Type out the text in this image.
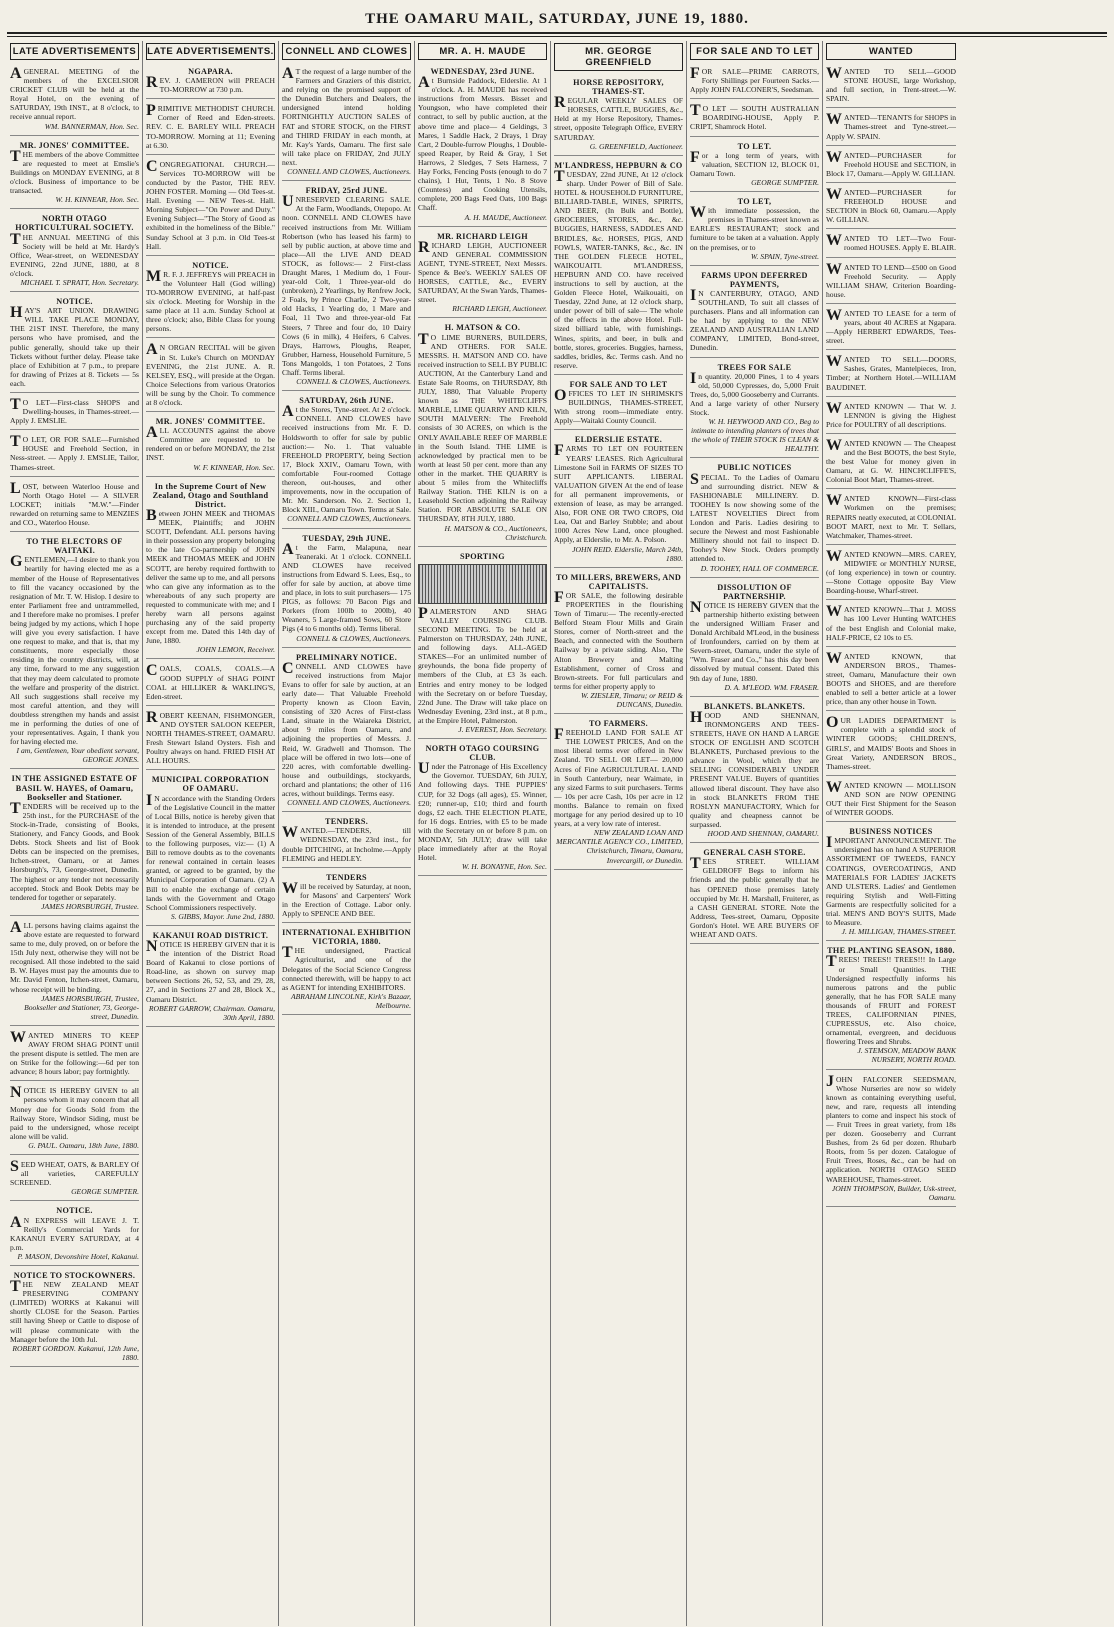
THE OAMARU MAIL, SATURDAY, JUNE 19, 1880.
LATE ADVERTISEMENTS
AGENERAL MEETING of the members of the EXCELSIOR CRICKET CLUB will be held at the Royal Hotel, on the evening of SATURDAY, 19th INST., at 8 o'clock, to receive annual report.
WM. BANNERMAN, Hon. Sec.
MR. JONES' COMMITTEE.
THE members of the above Committee are requested to meet at Emslie's Buildings on MONDAY EVENING, at 8 o'clock. Business of importance to be transacted.
W. H. KINNEAR, Hon. Sec.
NORTH OTAGO HORTICULTURAL SOCIETY.
THE ANNUAL MEETING of this Society will be held at Mr. Hardy's Office, Wear-street, on WEDNESDAY EVENING, 22nd JUNE, 1880, at 8 o'clock.
MICHAEL T. SPRATT, Hon. Secretary.
NOTICE.
HAY'S ART UNION. DRAWING WILL TAKE PLACE MONDAY, THE 21ST INST. Therefore, the many persons who have promised, and the public generally, should take up their Tickets without further delay. Please take place of Exhibition at 7 p.m., to prepare for drawing of Prizes at 8. Tickets — 5s each.
TO LET—First-class SHOPS and Dwelling-houses, in Thames-street.—Apply J. EMSLIE.
TO LET, OR FOR SALE—Furnished HOUSE and Freehold Section, in Ness-street. — Apply J. EMSLIE, Tailor, Thames-street.
LOST, between Waterloo House and North Otago Hotel — A SILVER LOCKET; initials "M.W."—Finder rewarded on returning same to MENZIES and CO., Waterloo House.
TO THE ELECTORS OF WAITAKI.
GENTLEMEN,—I desire to thank you heartily for having elected me as a member of the House of Representatives to fill the vacancy occasioned by the resignation of Mr. T. W. Hislop. I desire to enter Parliament free and untrammelled, and I therefore make no promises. I prefer being judged by my actions, which I hope will give you every satisfaction. I have one request to make, and that is, that my constituents, more especially those residing in the country districts, will, at any time, forward to me any suggestion that they may deem calculated to promote the welfare and prosperity of the district. All such suggestions shall receive my most careful attention, and they will doubtless strengthen my hands and assist me in performing the duties of one of your representatives. Again, I thank you for having elected me.
I am, Gentlemen, Your obedient servant, GEORGE JONES.
IN THE ASSIGNED ESTATE OF BASIL W. HAYES, of Oamaru, Bookseller and Stationer.
TENDERS will be received up to the 25th inst., for the PURCHASE of the Stock-in-Trade, consisting of Books, Stationery, and Fancy Goods, and Book Debts. Stock Sheets and list of Book Debts can be inspected on the premises, Itchen-street, Oamaru, or at James Horsburgh's, 73, George-street, Dunedin. The highest or any tender not necessarily accepted. Stock and Book Debts may be tendered for together or separately.
JAMES HORSBURGH, Trustee.
ALL persons having claims against the above estate are requested to forward same to me, duly proved, on or before the 15th July next, otherwise they will not be recognised. All those indebted to the said B. W. Hayes must pay the amounts due to Mr. David Fenton, Itchen-street, Oamaru, whose receipt will be binding.
JAMES HORSBURGH, Trustee, Bookseller and Stationer, 73, George-street, Dunedin.
WANTED MINERS TO KEEP AWAY FROM SHAG POINT until the present dispute is settled. The men are on Strike for the following:—6d per ton advance; 8 hours labor; pay fortnightly.
NOTICE IS HEREBY GIVEN to all persons whom it may concern that all Money due for Goods Sold from the Railway Store, Windsor Siding, must be paid to the undersigned, whose receipt alone will be valid.
G. PAUL. Oamaru, 18th June, 1880.
SEED WHEAT, OATS, & BARLEY Of all varieties, CAREFULLY SCREENED.
GEORGE SUMPTER.
NOTICE.
AN EXPRESS will LEAVE J. T. Reilly's Commercial Yards for KAKANUI EVERY SATURDAY, at 4 p.m.
P. MASON, Devonshire Hotel, Kakanui.
NOTICE TO STOCKOWNERS.
THE NEW ZEALAND MEAT PRESERVING COMPANY (LIMITED) WORKS at Kakanui will shortly CLOSE for the Season. Parties still having Sheep or Cattle to dispose of will please communicate with the Manager before the 10th Jul.
ROBERT GORDON. Kakanui, 12th June, 1880.
LATE ADVERTISEMENTS.
NGAPARA.
REV. J. CAMERON will PREACH TO-MORROW at 730 p.m.
PRIMITIVE METHODIST CHURCH. Corner of Reed and Eden-streets. REV. C. E. BARLEY WILL PREACH TO-MORROW. Morning at 11; Evening at 6.30.
CONGREGATIONAL CHURCH.—Services TO-MORROW will be conducted by the Pastor, THE REV. JOHN FOSTER. Morning — Old Tees-st. Hall. Evening — NEW Tees-st. Hall. Morning Subject—"On Power and Duty." Evening Subject—"The Story of Good as exhibited in the homeliness of the Bible." Sunday School at 3 p.m. in Old Tees-st Hall.
NOTICE.
MR. F. J. JEFFREYS will PREACH in the Volunteer Hall (God willing) TO-MORROW EVENING, at half-past six o'clock. Meeting for Worship in the same place at 11 a.m. Sunday School at three o'clock; also, Bible Class for young persons.
AN ORGAN RECITAL will be given in St. Luke's Church on MONDAY EVENING, the 21st JUNE. A. R. KELSEY, ESQ., will preside at the Organ. Choice Selections from various Oratorios will be sung by the Choir. To commence at 8 o'clock.
MR. JONES' COMMITTEE.
ALL ACCOUNTS against the above Committee are requested to be rendered on or before MONDAY, the 21st INST.
W. F. KINNEAR, Hon. Sec.
In the Supreme Court of New Zealand, Otago and Southland District.
Between JOHN MEEK and THOMAS MEEK, Plaintiffs; and JOHN SCOTT, Defendant. ALL persons having in their possession any property belonging to the late Co-partnership of JOHN MEEK and THOMAS MEEK and JOHN SCOTT, are hereby required forthwith to deliver the same up to me, and all persons who can give any information as to the whereabouts of any such property are requested to communicate with me; and I hereby warn all persons against purchasing any of the said property except from me. Dated this 14th day of June, 1880.
JOHN LEMON, Receiver.
COALS, COALS, COALS.—A GOOD SUPPLY of SHAG POINT COAL at HILLIKER & WAKLING'S, Eden-street.
ROBERT KEENAN, FISHMONGER, AND OYSTER SALOON KEEPER, NORTH THAMES-STREET, OAMARU. Fresh Stewart Island Oysters. Fish and Poultry always on hand. FRIED FISH AT ALL HOURS.
MUNICIPAL CORPORATION OF OAMARU.
IN accordance with the Standing Orders of the Legislative Council in the matter of Local Bills, notice is hereby given that it is intended to introduce, at the present Session of the General Assembly, BILLS to the following purposes, viz:— (1) A Bill to remove doubts as to the covenants for renewal contained in certain leases granted, or agreed to be granted, by the Municipal Corporation of Oamaru. (2) A Bill to enable the exchange of certain lands with the Government and Otago School Commissioners respectively.
S. GIBBS, Mayor. June 2nd, 1880.
KAKANUI ROAD DISTRICT.
NOTICE IS HEREBY GIVEN that it is the intention of the District Road Board of Kakanui to close portions of Road-line, as shown on survey map between Sections 26, 52, 53, and 29, 28, 27, and in Sections 27 and 28, Block X., Oamaru District.
ROBERT GARROW, Chairman. Oamaru, 30th April, 1880.
CONNELL AND CLOWES
AT the request of a large number of the Farmers and Graziers of this district, and relying on the promised support of the Dunedin Butchers and Dealers, the undersigned intend holding FORTNIGHTLY AUCTION SALES of FAT and STORE STOCK, on the FIRST and THIRD FRIDAY in each month, at Mr. Kay's Yards, Oamaru. The first sale will take place on FRIDAY, 2nd JULY next.
CONNELL AND CLOWES, Auctioneers.
FRIDAY, 25rd JUNE.
UNRESERVED CLEARING SALE. At the Farm, Woodlands, Otepopo. At noon. CONNELL AND CLOWES have received instructions from Mr. William Robertson (who has leased his farm) to sell by public auction, at above time and place—All the LIVE AND DEAD STOCK, as follows:— 2 First-class Draught Mares, 1 Medium do, 1 Four-year-old Colt, 1 Three-year-old do (unbroken), 2 Yearlings, by Renfrew Jock, 2 Foals, by Prince Charlie, 2 Two-year-old Hacks, 1 Yearling do, 1 Mare and Foal, 11 Two and three-year-old Fat Steers, 7 Three and four do, 10 Dairy Cows (6 in milk), 4 Heifers, 6 Calves. Drays, Harrows, Ploughs, Reaper, Grubber, Harness, Household Furniture, 5 Tons Mangolds, 1 ton Potatoes, 2 Tons Chaff. Terms liberal.
CONNELL & CLOWES, Auctioneers.
SATURDAY, 26th JUNE.
At the Stores, Tyne-street. At 2 o'clock. CONNELL AND CLOWES have received instructions from Mr. F. D. Holdsworth to offer for sale by public auction:— No. 1. That valuable FREEHOLD PROPERTY, being Section 17, Block XXIV., Oamaru Town, with comfortable Four-roomed Cottage thereon, out-houses, and other improvements, now in the occupation of Mr. Mr. Sanderson. No. 2. Section 1, Block XIII., Oamaru Town. Terms at Sale.
CONNELL AND CLOWES, Auctioneers.
TUESDAY, 29th JUNE.
At the Farm, Malapuna, near Teaneraki. At 1 o'clock. CONNELL AND CLOWES have received instructions from Edward S. Lees, Esq., to offer for sale by auction, at above time and place, in lots to suit purchasers— 175 PIGS, as follows: 70 Bacon Pigs and Porkers (from 100lb to 200lb), 40 Weaners, 5 Large-framed Sows, 60 Store Pigs (4 to 6 months old). Terms liberal.
CONNELL & CLOWES, Auctioneers.
PRELIMINARY NOTICE.
CONNELL AND CLOWES have received instructions from Major Evans to offer for sale by auction, at an early date— That Valuable Freehold Property known as Cloon Eavin, consisting of 320 Acres of First-class Land, situate in the Waiareka District, about 9 miles from Oamaru, and adjoining the properties of Messrs. J. Reid, W. Gradwell and Thomson. The place will be offered in two lots—one of 220 acres, with comfortable dwelling-house and outbuildings, stockyards, orchard and plantations; the other of 116 acres, without buildings. Terms easy.
CONNELL AND CLOWES, Auctioneers.
TENDERS.
WANTED.—TENDERS, till WEDNESDAY, the 23rd inst., for double DITCHING, at Incholme.—Apply FLEMING and HEDLEY.
TENDERS
Will be received by Saturday, at noon, for Masons' and Carpenters' Work in the Erection of Cottage. Labor only. Apply to SPENCE AND BEE.
INTERNATIONAL EXHIBITION VICTORIA, 1880.
THE undersigned, Practical Agriculturist, and one of the Delegates of the Social Science Congress connected therewith, will be happy to act as AGENT for intending EXHIBITORS.
ABRAHAM LINCOLNE, Kirk's Bazaar, Melbourne.
MR. A. H. MAUDE
WEDNESDAY, 23rd JUNE.
At Burnside Paddock, Elderslie. At 1 o'clock. A. H. MAUDE has received instructions from Messrs. Bisset and Youngson, who have completed their contract, to sell by public auction, at the above time and place— 4 Geldings, 3 Mares, 1 Saddle Hack, 2 Drays, 1 Dray Cart, 2 Double-furrow Ploughs, 1 Double-speed Reaper, by Reid & Gray, 1 Set Harrows, 2 Sledges, 7 Sets Harness, 7 Hay Forks, Fencing Posts (enough to do 7 chains), 1 Hut, Tents, 1 No. 8 Stove (Countess) and Cooking Utensils, complete, 200 Bags Feed Oats, 100 Bags Chaff.
A. H. MAUDE, Auctioneer.
MR. RICHARD LEIGH
RICHARD LEIGH, AUCTIONEER AND GENERAL COMMISSION AGENT, TYNE-STREET, Next Messrs. Spence & Bee's. WEEKLY SALES OF HORSES, CATTLE, &c., EVERY SATURDAY, At the Swan Yards, Thames-street.
RICHARD LEIGH, Auctioneer.
H. MATSON & CO.
TO LIME BURNERS, BUILDERS, AND OTHERS. FOR SALE. MESSRS. H. MATSON AND CO. have received instruction to SELL BY PUBLIC AUCTION, At the Canterbury Land and Estate Sale Rooms, on THURSDAY, 8th JULY, 1880, That Valuable Property known as THE WHITECLIFFS MARBLE, LIME QUARRY AND KILN, SOUTH MALVERN: The Freehold consists of 30 ACRES, on which is the ONLY AVAILABLE REEF OF MARBLE in the South Island. THE LIME is acknowledged by practical men to be worth at least 50 per cent. more than any other in the market. THE QUARRY is about 5 miles from the Whitecliffs Railway Station. THE KILN is on a Leasehold Section adjoining the Railway Station. FOR ABSOLUTE SALE ON THURSDAY, 8TH JULY, 1880.
H. MATSON & CO., Auctioneers, Christchurch.
SPORTING
PALMERSTON AND SHAG VALLEY COURSING CLUB. SECOND MEETING. To be held at Palmerston on THURSDAY, 24th JUNE, and following days. ALL-AGED STAKES—For an unlimited number of greyhounds, the bona fide property of members of the Club, at £3 3s each. Entries and entry money to be lodged with the Secretary on or before Tuesday, 22nd June. The Draw will take place on Wednesday Evening, 23rd inst., at 8 p.m., at the Empire Hotel, Palmerston.
J. EVEREST, Hon. Secretary.
NORTH OTAGO COURSING CLUB.
Under the Patronage of His Excellency the Governor. TUESDAY, 6th JULY, And following days. THE PUPPIES' CUP, for 32 Dogs (all ages), £5. Winner, £20; runner-up, £10; third and fourth dogs, £2 each. THE ELECTION PLATE, for 16 dogs. Entries, with £5 to be made with the Secretary on or before 8 p.m. on MONDAY, 5th JULY; draw will take place immediately after at the Royal Hotel.
W. H. BONAYNE, Hon. Sec.
MR. GEORGE GREENFIELD
HORSE REPOSITORY, THAMES-ST.
REGULAR WEEKLY SALES OF HORSES, CATTLE, BUGGIES, &c., Held at my Horse Repository, Thames-street, opposite Telegraph Office, EVERY SATURDAY.
G. GREENFIELD, Auctioneer.
M'LANDRESS, HEPBURN & CO
TUESDAY, 22nd JUNE, At 12 o'clock sharp. Under Power of Bill of Sale. HOTEL & HOUSEHOLD FURNITURE, BILLIARD-TABLE, WINES, SPIRITS, AND BEER, (In Bulk and Bottle), GROCERIES, STORES, &c., &c. BUGGIES, HARNESS, SADDLES AND BRIDLES, &c. HORSES, PIGS, AND FOWLS, WATER-TANKS, &c., &c. IN THE GOLDEN FLEECE HOTEL, WAIKOUAITI. M'LANDRESS, HEPBURN AND CO. have received instructions to sell by auction, at the Golden Fleece Hotel, Waikouaiti, on Tuesday, 22nd June, at 12 o'clock sharp, under power of bill of sale— The whole of the effects in the above Hotel. Full-sized billiard table, with furnishings. Wines, spirits, and beer, in bulk and bottle, stores, groceries. Buggies, harness, saddles, bridles, &c. Terms cash. And no reserve.
FOR SALE AND TO LET
OFFICES TO LET IN SHRIMSKI'S BUILDINGS, THAMES-STREET, With strong room—immediate entry. Apply—Waitaki County Council.
ELDERSLIE ESTATE.
FARMS TO LET ON FOURTEEN YEARS' LEASES. Rich Agricultural Limestone Soil in FARMS OF SIZES TO SUIT APPLICANTS. LIBERAL VALUATION GIVEN At the end of lease for all permanent improvements, or extension of lease, as may be arranged. Also, FOR ONE OR TWO CROPS, Old Lea, Oat and Barley Stubble; and about 1000 Acres New Land, once ploughed. Apply, at Elderslie, to Mr. A. Polson.
JOHN REID. Elderslie, March 24th, 1880.
TO MILLERS, BREWERS, AND CAPITALISTS.
FOR SALE, the following desirable PROPERTIES in the flourishing Town of Timaru:— The recently-erected Belford Steam Flour Mills and Grain Stores, corner of North-street and the Beach, and connected with the Southern Railway by a private siding. Also, The Alton Brewery and Malting Establishment, corner of Cross and Brown-streets. For full particulars and terms for either property apply to
W. ZIESLER, Timaru; or REID & DUNCANS, Dunedin.
TO FARMERS.
FREEHOLD LAND FOR SALE AT THE LOWEST PRICES, And on the most liberal terms ever offered in New Zealand. TO SELL OR LET— 20,000 Acres of Fine AGRICULTURAL LAND in South Canterbury, near Waimate, in any sized Farms to suit purchasers. Terms— 10s per acre Cash, 10s per acre in 12 months. Balance to remain on fixed mortgage for any period desired up to 10 years, at a very low rate of interest.
NEW ZEALAND LOAN AND MERCANTILE AGENCY CO., LIMITED, Christchurch, Timaru, Oamaru, Invercargill, or Dunedin.
FOR SALE AND TO LET
FOR SALE—PRIME CARROTS, Forty Shillings per Fourteen Sacks.—Apply JOHN FALCONER'S, Seedsman.
TO LET — SOUTH AUSTRALIAN BOARDING-HOUSE, Apply P. CRIPT, Shamrock Hotel.
TO LET.
For a long term of years, with valuation, SECTION 12, BLOCK 01, Oamaru Town.
GEORGE SUMPTER.
TO LET,
With immediate possession, the premises in Thames-street known as EARLE'S RESTAURANT; stock and furniture to be taken at a valuation. Apply on the premises, or to
W. SPAIN, Tyne-street.
FARMS UPON DEFERRED PAYMENTS,
IN CANTERBURY, OTAGO, AND SOUTHLAND, To suit all classes of purchasers. Plans and all information can be had by applying to the NEW ZEALAND AND AUSTRALIAN LAND COMPANY, LIMITED, Bond-street, Dunedin.
TREES FOR SALE
In quantity. 20,000 Pines, 1 to 4 years old, 50,000 Cypresses, do, 5,000 Fruit Trees, do, 5,000 Gooseberry and Currants. And a large variety of other Nursery Stock.
W. H. HEYWOOD AND CO., Beg to intimate to intending planters of trees that the whole of THEIR STOCK IS CLEAN & HEALTHY.
PUBLIC NOTICES
SPECIAL. To the Ladies of Oamaru and surrounding district. NEW & FASHIONABLE MILLINERY. D. TOOHEY Is now showing some of the LATEST NOVELTIES Direct from London and Paris. Ladies desiring to secure the Newest and most Fashionable Millinery should not fail to inspect D. Toohey's New Stock. Orders promptly attended to.
D. TOOHEY, HALL OF COMMERCE.
DISSOLUTION OF PARTNERSHIP.
NOTICE IS HEREBY GIVEN that the partnership hitherto existing between the undersigned William Fraser and Donald Archibald M'Leod, in the business of Ironfounders, carried on by them at Severn-street, Oamaru, under the style of "Wm. Fraser and Co.," has this day been dissolved by mutual consent. Dated this 9th day of June, 1880.
D. A. M'LEOD. WM. FRASER.
BLANKETS. BLANKETS.
HOOD AND SHENNAN, IRONMONGERS AND TEES-STREETS, HAVE ON HAND A LARGE STOCK OF ENGLISH AND SCOTCH BLANKETS, Purchased previous to the advance in Wool, which they are SELLING CONSIDERABLY UNDER PRESENT VALUE. Buyers of quantities allowed liberal discount. They have also in stock BLANKETS FROM THE ROSLYN MANUFACTORY, Which for quality and cheapness cannot be surpassed.
HOOD AND SHENNAN, OAMARU.
GENERAL CASH STORE.
TEES STREET. WILLIAM GELDROFF Begs to inform his friends and the public generally that he has OPENED those premises lately occupied by Mr. H. Marshall, Fruiterer, as a CASH GENERAL STORE. Note the Address, Tees-street, Oamaru, Opposite Gordon's Hotel. WE ARE BUYERS OF WHEAT AND OATS.
WANTED
WANTED TO SELL—GOOD STONE HOUSE, large Workshop, and full section, in Trent-street.—W. SPAIN.
WANTED—TENANTS for SHOPS in Thames-street and Tyne-street.—Apply W. SPAIN.
WANTED—PURCHASER for Freehold HOUSE and SECTION, in Block 17, Oamaru.—Apply W. GILLIAN.
WANTED—PURCHASER for FREEHOLD HOUSE and SECTION in Block 60, Oamaru.—Apply W. GILLIAN.
WANTED TO LET—Two Four-roomed HOUSES. Apply E. BLAIR.
WANTED TO LEND—£500 on Good Freehold Security. — Apply WILLIAM SHAW, Criterion Boarding-house.
WANTED TO LEASE for a term of years, about 40 ACRES at Ngapara.—Apply HERBERT EDWARDS, Tees-street.
WANTED TO SELL—DOORS, Sashes, Grates, Mantelpieces, Iron, Timber; at Northern Hotel.—WILLIAM BAUDINET.
WANTED KNOWN — That W. J. LENNON is giving the Highest Price for POULTRY of all descriptions.
WANTED KNOWN — The Cheapest and the Best BOOTS, the best Style, the best Value for money given in Oamaru, at G. W. HINCHCLIFFE'S, Colonial Boot Mart, Thames-street.
WANTED KNOWN—First-class Workmen on the premises; REPAIRS neatly executed, at COLONIAL BOOT MART, next to Mr. T. Sellars, Watchmaker, Thames-street.
WANTED KNOWN—MRS. CAREY, MIDWIFE or MONTHLY NURSE, (of long experience) in town or country. —Stone Cottage opposite Bay View Boarding-house, Wharf-street.
WANTED KNOWN—That J. MOSS has 100 Lever Hunting WATCHES of the best English and Colonial make, HALF-PRICE, £2 10s to £5.
WANTED KNOWN, that ANDERSON BROS., Thames-street, Oamaru, Manufacture their own BOOTS and SHOES, and are therefore enabled to sell a better article at a lower price, than any other house in Town.
OUR LADIES DEPARTMENT is complete with a splendid stock of WINTER GOODS; CHILDREN'S, GIRLS', and MAIDS' Boots and Shoes in Great Variety, ANDERSON BROS., Thames-street.
WANTED KNOWN — MOLLISON AND SON are NOW OPENING OUT their First Shipment for the Season of WINTER GOODS.
BUSINESS NOTICES
IMPORTANT ANNOUNCEMENT. The undersigned has on hand A SUPERIOR ASSORTMENT OF TWEEDS, FANCY COATINGS, OVERCOATINGS, AND MATERIALS FOR LADIES' JACKETS AND ULSTERS. Ladies' and Gentlemen requiring Stylish and Well-Fitting Garments are respectfully solicited for a trial. MEN'S AND BOY'S SUITS, Made to Measure.
J. H. MILLIGAN, THAMES-STREET.
THE PLANTING SEASON, 1880.
TREES! TREES!! TREES!!! In Large or Small Quantities. THE Undersigned respectfully informs his numerous patrons and the public generally, that he has FOR SALE many thousands of FRUIT and FOREST TREES, CALIFORNIAN PINES, CUPRESSUS, etc. Also choice, ornamental, evergreen, and deciduous flowering Trees and Shrubs.
J. STEMSON, MEADOW BANK NURSERY, NORTH ROAD.
JOHN FALCONER SEEDSMAN, Whose Nurseries are now so widely known as containing everything useful, new, and rare, requests all intending planters to come and inspect his stock of— Fruit Trees in great variety, from 18s per dozen. Gooseberry and Currant Bushes, from 2s 6d per dozen. Rhubarb Roots, from 5s per dozen. Catalogue of Fruit Trees, Roses, &c., can be had on application. NORTH OTAGO SEED WAREHOUSE, Thames-street.
JOHN THOMPSON, Builder, Usk-street, Oamaru.
